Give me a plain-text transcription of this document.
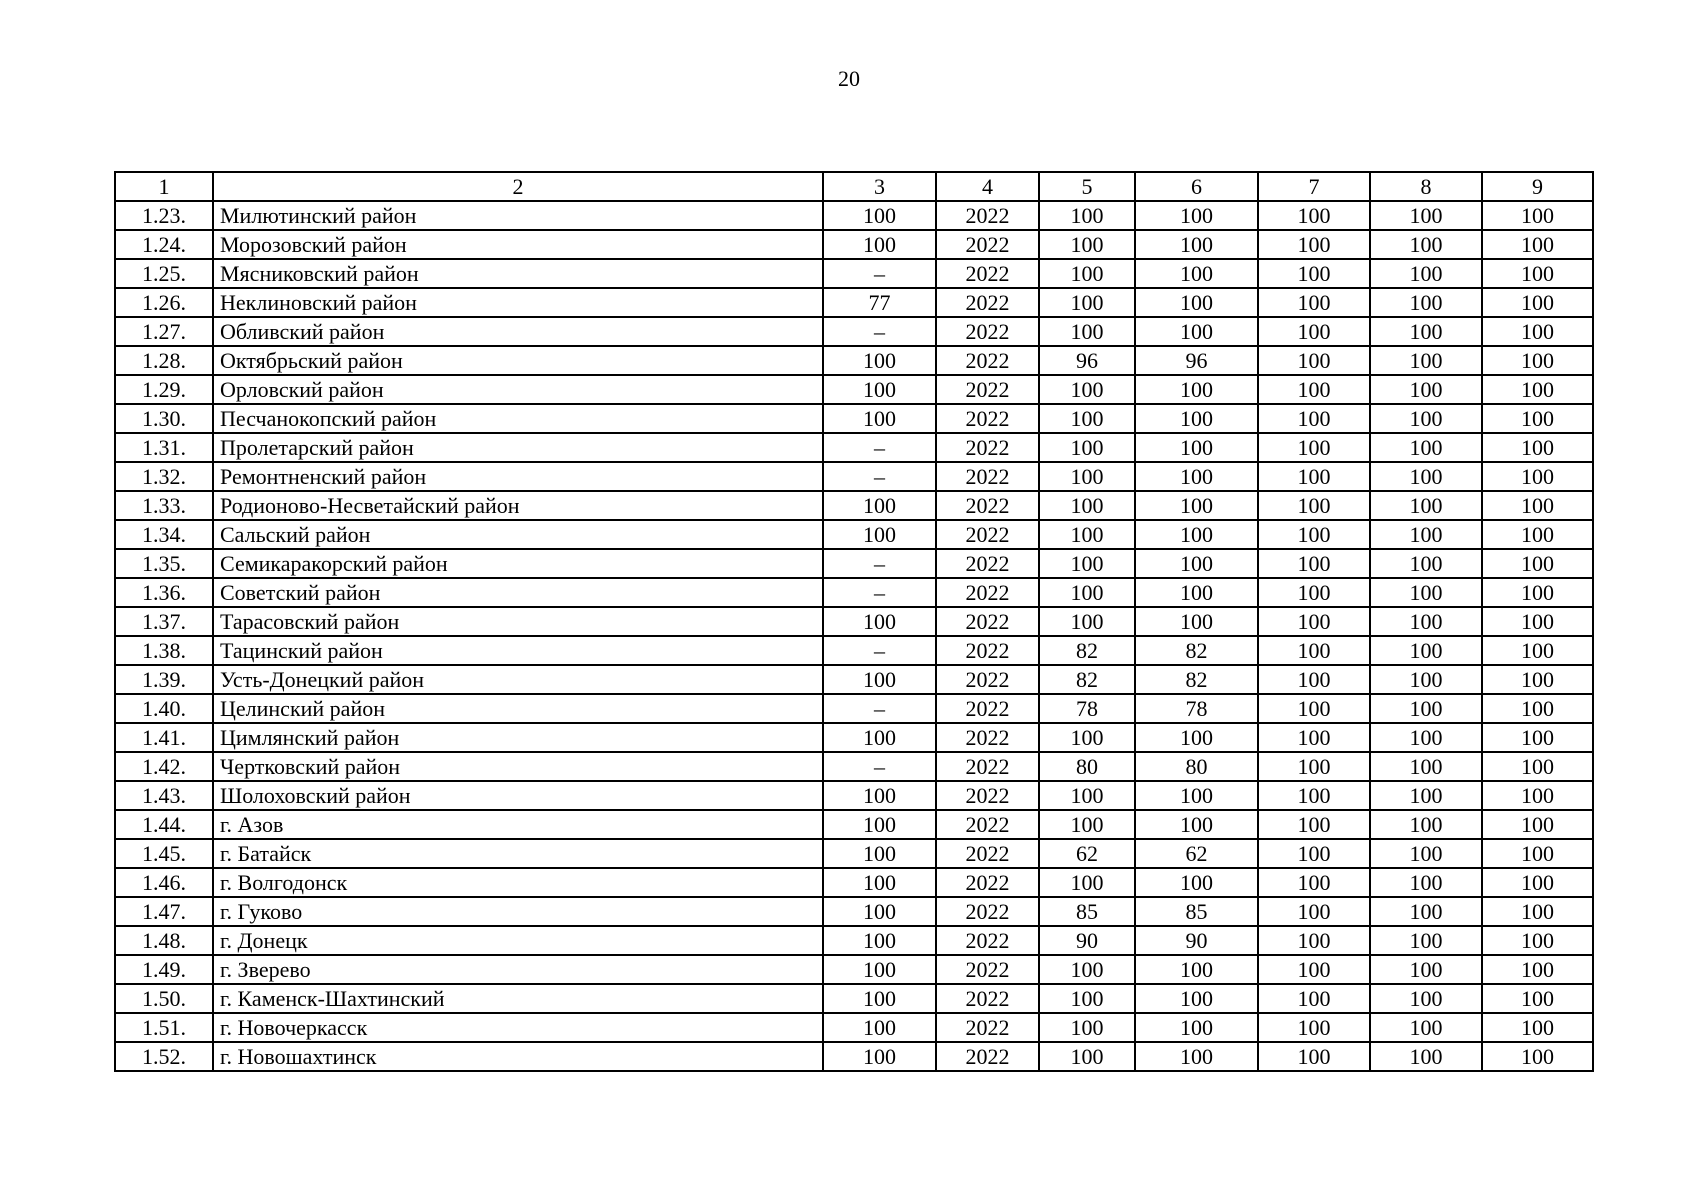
20
1	2	3	4	5	6	7	8	9
1.23.	Милютинский район	100	2022	100	100	100	100	100
1.24.	Морозовский район	100	2022	100	100	100	100	100
1.25.	Мясниковский район	–	2022	100	100	100	100	100
1.26.	Неклиновский район	77	2022	100	100	100	100	100
1.27.	Обливский район	–	2022	100	100	100	100	100
1.28.	Октябрьский район	100	2022	96	96	100	100	100
1.29.	Орловский район	100	2022	100	100	100	100	100
1.30.	Песчанокопский район	100	2022	100	100	100	100	100
1.31.	Пролетарский район	–	2022	100	100	100	100	100
1.32.	Ремонтненский район	–	2022	100	100	100	100	100
1.33.	Родионово-Несветайский район	100	2022	100	100	100	100	100
1.34.	Сальский район	100	2022	100	100	100	100	100
1.35.	Семикаракорский район	–	2022	100	100	100	100	100
1.36.	Советский район	–	2022	100	100	100	100	100
1.37.	Тарасовский район	100	2022	100	100	100	100	100
1.38.	Тацинский район	–	2022	82	82	100	100	100
1.39.	Усть-Донецкий район	100	2022	82	82	100	100	100
1.40.	Целинский район	–	2022	78	78	100	100	100
1.41.	Цимлянский район	100	2022	100	100	100	100	100
1.42.	Чертковский район	–	2022	80	80	100	100	100
1.43.	Шолоховский район	100	2022	100	100	100	100	100
1.44.	г. Азов	100	2022	100	100	100	100	100
1.45.	г. Батайск	100	2022	62	62	100	100	100
1.46.	г. Волгодонск	100	2022	100	100	100	100	100
1.47.	г. Гуково	100	2022	85	85	100	100	100
1.48.	г. Донецк	100	2022	90	90	100	100	100
1.49.	г. Зверево	100	2022	100	100	100	100	100
1.50.	г. Каменск-Шахтинский	100	2022	100	100	100	100	100
1.51.	г. Новочеркасск	100	2022	100	100	100	100	100
1.52.	г. Новошахтинск	100	2022	100	100	100	100	100
